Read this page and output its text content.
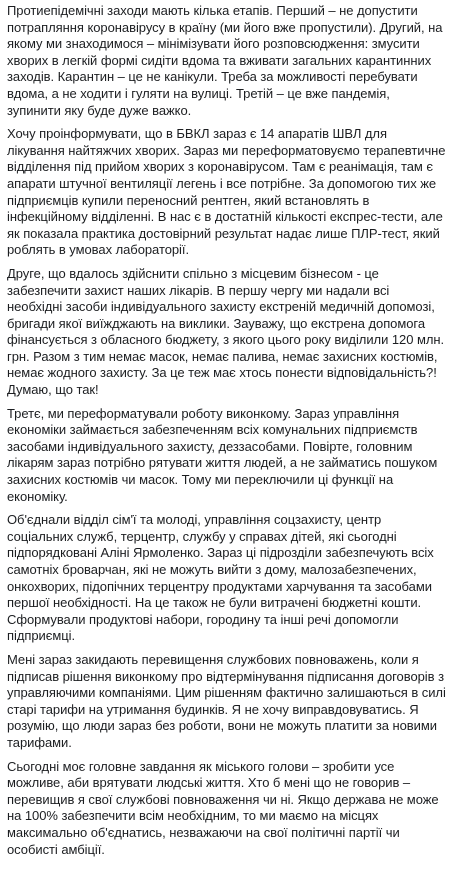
Протиепідемічні заходи мають кілька етапів. Перший – не допустити потрапляння коронавірусу в країну (ми його вже пропустили). Другий, на якому ми знаходимося – мінімізувати його розповсюдження: змусити хворих в легкій формі сидіти вдома та вживати загальних карантинних заходів. Карантин – це не канікули. Треба за можливості перебувати вдома, а не ходити і гуляти на вулиці. Третій – це вже пандемія, зупинити яку буде дуже важко.

Хочу проінформувати, що в БВКЛ зараз є 14 апаратів ШВЛ для лікування найтяжчих хворих. Зараз ми переформатовуємо терапевтичне відділення під прийом хворих з коронавірусом. Там є реанімація, там є апарати штучної вентиляції легень і все потрібне. За допомогою тих же підприємців купили переносний рентген, який встановлять в інфекційному відділенні. В нас є в достатній кількості експрес-тести, але як показала практика достовірний результат надає лише ПЛР-тест, який роблять в умовах лабораторії.

Друге, що вдалось здійснити спільно з місцевим бізнесом - це забезпечити захист наших лікарів. В першу чергу ми надали всі необхідні засоби індивідуального захисту екстреній медичній допомозі, бригади якої виїжджають на виклики. Зауважу, що екстрена допомога фінансується з обласного бюджету, з якого цього року виділили 120 млн. грн. Разом з тим немає масок, немає палива, немає захисних костюмів, немає жодного захисту. За це теж має хтось понести відповідальність?! Думаю, що так!

Третє, ми переформатували роботу виконкому. Зараз управління економіки займається забезпеченням всіх комунальних підприємств засобами індивідуального захисту, деззасобами. Повірте, головним лікарям зараз потрібно рятувати життя людей, а не займатись пошуком захисних костюмів чи масок. Тому ми переключили ці функції на економіку.

Об'єднали відділ сім'ї та молоді, управління соцзахисту, центр соціальних служб, терцентр, службу у справах дітей, які сьогодні підпорядковані Аліні Ярмоленко. Зараз ці підрозділи забезпечують всіх самотніх броварчан, які не можуть вийти з дому, малозабезпечених, онкохворих, підопічних терцентру продуктами харчування та засобами першої необхідності. На це також не були витрачені бюджетні кошти. Сформували продуктові набори, городину та інші речі допомогли підприємці.

Мені зараз закидають перевищення службових повноважень, коли я підписав рішення виконкому про відтермінування підписання договорів з управляючими компаніями. Цим рішенням фактично залишаються в силі старі тарифи на утримання будинків. Я не хочу виправдовуватись. Я розумію, що люди зараз без роботи, вони не можуть платити за новими тарифами.

Сьогодні моє головне завдання як міського голови – зробити усе можливе, аби врятувати людські життя. Хто б мені що не говорив – перевищив я свої службові повноваження чи ні. Якщо держава не може на 100% забезпечити всім необхідним, то ми маємо на місцях максимально об'єднатись, незважаючи на свої політичні партії чи особисті амбіції.
